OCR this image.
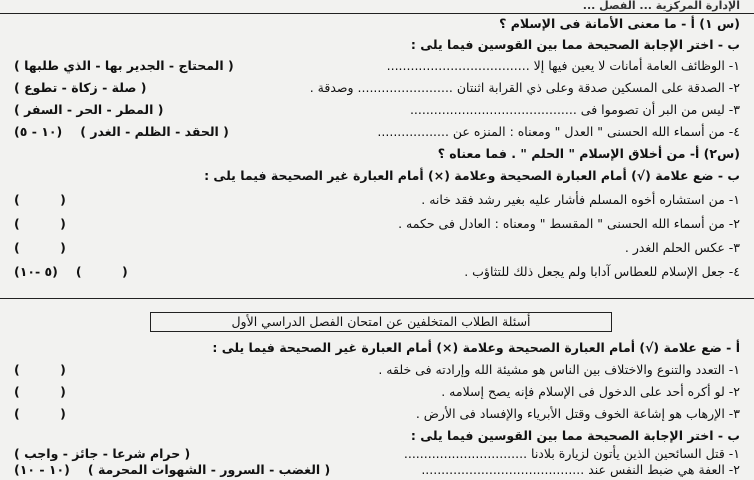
الإدارة المركزية ... الفصل ...
(س ١) أ - ما معنى الأمانة فى الإسلام ؟
ب - اختر الإجابة الصحيحة مما بين القوسين فيما يلى :
١- الوظائف العامة أمانات لا يعين فيها إلا ....................................
( المحتاج - الجدير بها - الذي طلبها )
٢- الصدقة على المسكين صدقة وعلى ذي القرابة اثنتان ........................ وصدقة .
( صلة - زكاة - تطوع )
٣- ليس من البر أن تصوموا فى ..........................................
( المطر - الحر - السفر )
٤- من أسماء الله الحسنى " العدل " ومعناه : المنزه عن ..................
( الحقد - الظلم - الغدر )
(١٠ - ٥)
(س٢) أ- من أخلاق الإسلام " الحلم " . فما معناه ؟
ب - ضع علامة (√) أمام العبارة الصحيحة وعلامة (×) أمام العبارة غير الصحيحة فيما يلى :
١- من استشاره أخوه المسلم فأشار عليه بغير رشد فقد خانه .
( )
٢- من أسماء الله الحسنى " المقسط " ومعناه : العادل فى حكمه .
( )
٣- عكس الحلم الغدر .
( )
٤- جعل الإسلام للعطاس آدابا ولم يجعل ذلك للتثاؤب .
( )
(٥ -١٠)
أسئلة الطلاب المتخلفين عن امتحان الفصل الدراسي الأول
أ - ضع علامة (√) أمام العبارة الصحيحة وعلامة (×) أمام العبارة غير الصحيحة فيما يلى :
١- التعدد والتنوع والاختلاف بين الناس هو مشيئة الله وإرادته فى خلقه .
( )
٢- لو أكره أحد على الدخول فى الإسلام فإنه يصح إسلامه .
( )
٣- الإرهاب هو إشاعة الخوف وقتل الأبرياء والإفساد فى الأرض .
( )
ب - اختر الإجابة الصحيحة مما بين القوسين فيما يلى :
١- قتل السائحين الذين يأتون لزيارة بلادنا ...............................
( حرام شرعا - جائز - واجب )
٢- العفة هي ضبط النفس عند .........................................
( الغضب - السرور - الشهوات المحرمة )
(١٠ - ١٠)
